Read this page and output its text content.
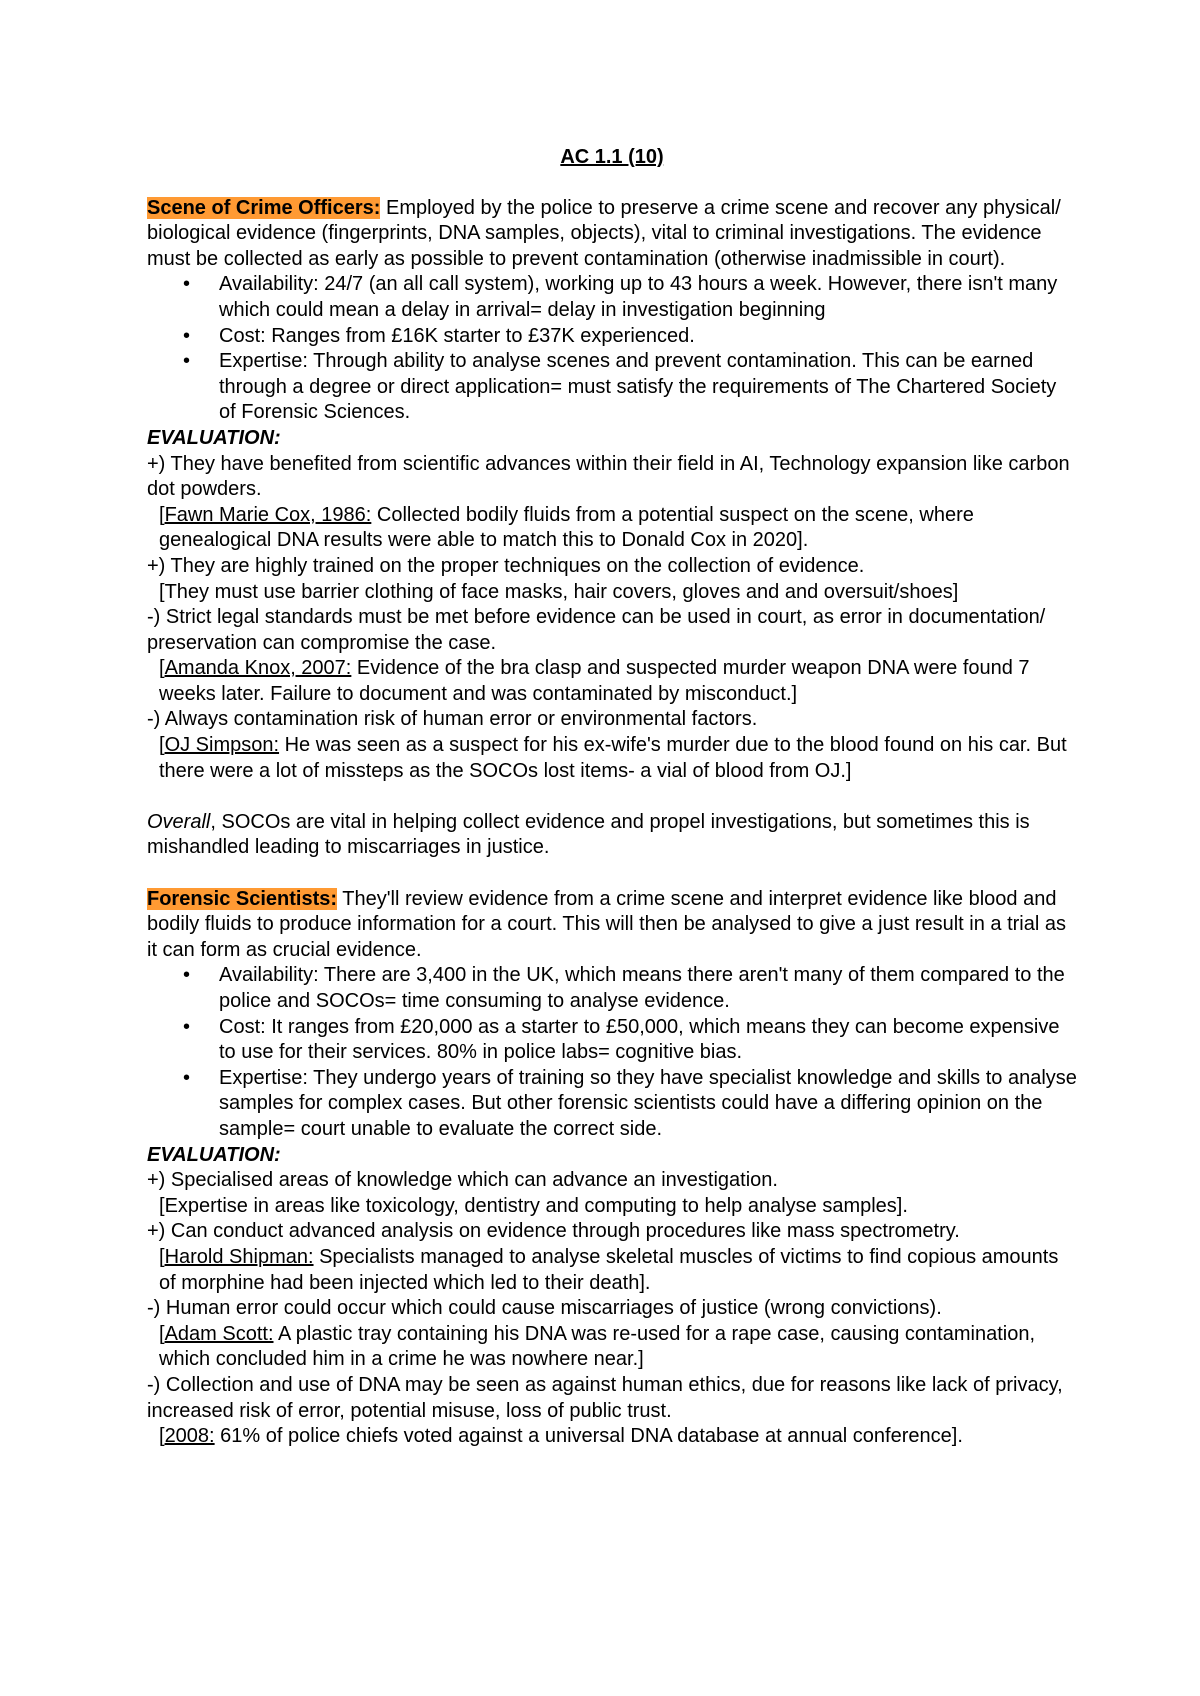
AC 1.1 (10)

Scene of Crime Officers: Employed by the police to preserve a crime scene and recover any physical/ biological evidence (fingerprints, DNA samples, objects), vital to criminal investigations. The evidence must be collected as early as possible to prevent contamination (otherwise inadmissible in court).

• Availability: 24/7 (an all call system), working up to 43 hours a week. However, there isn't many which could mean a delay in arrival= delay in investigation beginning
• Cost: Ranges from £16K starter to £37K experienced.
• Expertise: Through ability to analyse scenes and prevent contamination. This can be earned through a degree or direct application= must satisfy the requirements of The Chartered Society of Forensic Sciences.
EVALUATION:

+) They have benefited from scientific advances within their field in AI, Technology expansion like carbon dot powders.

[Fawn Marie Cox, 1986: Collected bodily fluids from a potential suspect on the scene, where genealogical DNA results were able to match this to Donald Cox in 2020].

+) They are highly trained on the proper techniques on the collection of evidence.

[They must use barrier clothing of face masks, hair covers, gloves and and oversuit/shoes]

-) Strict legal standards must be met before evidence can be used in court, as error in documentation/ preservation can compromise the case.

[Amanda Knox, 2007: Evidence of the bra clasp and suspected murder weapon DNA were found 7 weeks later. Failure to document and was contaminated by misconduct.]

-) Always contamination risk of human error or environmental factors.

[OJ Simpson: He was seen as a suspect for his ex-wife's murder due to the blood found on his car. But there were a lot of missteps as the SOCOs lost items- a vial of blood from OJ.]

Overall, SOCOs are vital in helping collect evidence and propel investigations, but sometimes this is mishandled leading to miscarriages in justice.

Forensic Scientists: They'll review evidence from a crime scene and interpret evidence like blood and bodily fluids to produce information for a court. This will then be analysed to give a just result in a trial as it can form as crucial evidence.

• Availability: There are 3,400 in the UK, which means there aren't many of them compared to the police and SOCOs= time consuming to analyse evidence.
• Cost: It ranges from £20,000 as a starter to £50,000, which means they can become expensive to use for their services. 80% in police labs= cognitive bias.
• Expertise: They undergo years of training so they have specialist knowledge and skills to analyse samples for complex cases. But other forensic scientists could have a differing opinion on the sample= court unable to evaluate the correct side.
EVALUATION:

+) Specialised areas of knowledge which can advance an investigation.

[Expertise in areas like toxicology, dentistry and computing to help analyse samples].

+) Can conduct advanced analysis on evidence through procedures like mass spectrometry.

[Harold Shipman: Specialists managed to analyse skeletal muscles of victims to find copious amounts of morphine had been injected which led to their death].

-) Human error could occur which could cause miscarriages of justice (wrong convictions).

[Adam Scott: A plastic tray containing his DNA was re-used for a rape case, causing contamination, which concluded him in a crime he was nowhere near.]

-) Collection and use of DNA may be seen as against human ethics, due for reasons like lack of privacy, increased risk of error, potential misuse, loss of public trust.

[2008: 61% of police chiefs voted against a universal DNA database at annual conference].
